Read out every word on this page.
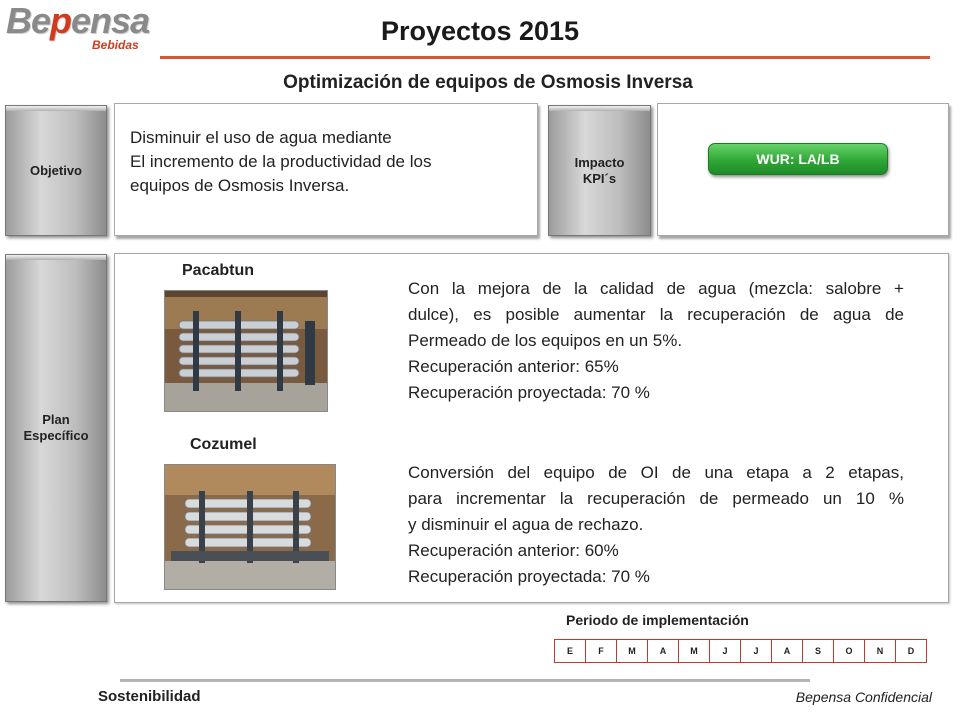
Bepensa
Bebidas	Proyectos 2015
Optimización de equipos de Osmosis Inversa
Objetivo
Disminuir el uso de agua mediante
El incremento de la productividad de los
equipos de Osmosis Inversa.
Impacto
KPI´s
WUR: LA/LB
Plan
Específico
Pacabtun
Con la mejora de la calidad de agua (mezcla: salobre +
dulce), es posible aumentar la recuperación de agua de
Permeado de los equipos en un 5%.
Recuperación anterior: 65%
Recuperación proyectada: 70 %
Cozumel
Conversión del equipo de OI de una etapa a 2 etapas,
para incrementar la recuperación de permeado un 10 %
y disminuir el agua de rechazo.
Recuperación anterior: 60%
Recuperación proyectada: 70 %
Periodo de implementación
E	F	M	A	M	J	J	A	S	O	N	D
Sostenibilidad	Bepensa Confidencial
